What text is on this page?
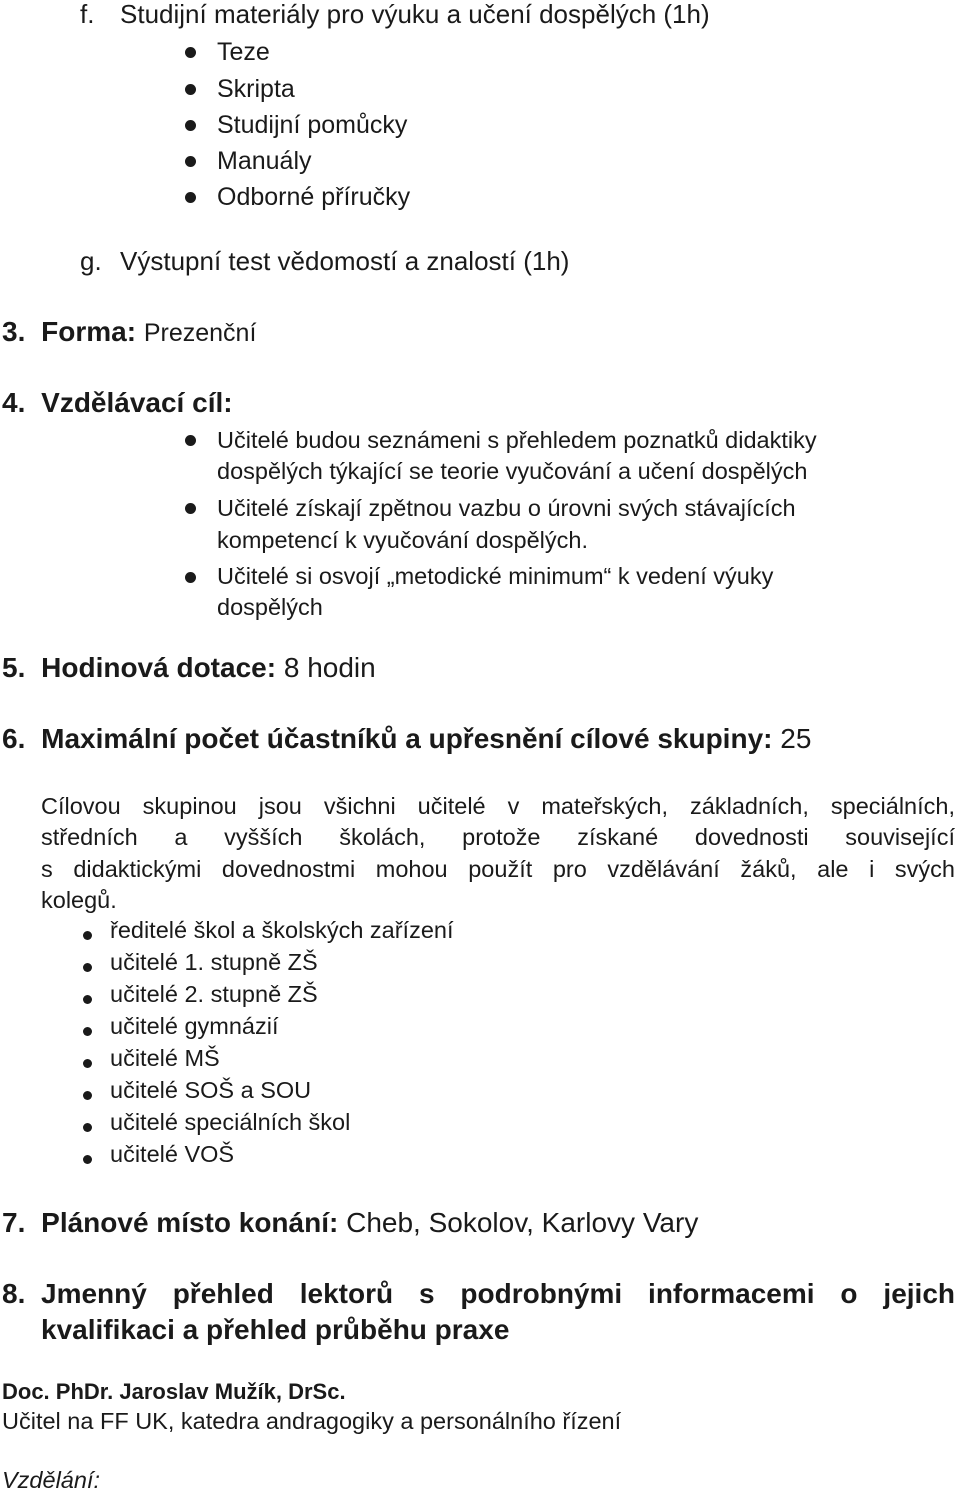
f. Studijní materiály pro výuku a učení dospělých (1h)
Teze
Skripta
Studijní pomůcky
Manuály
Odborné příručky
g. Výstupní test vědomostí a znalostí (1h)
3. Forma: Prezenční
4. Vzdělávací cíl:
Učitelé budou seznámeni s přehledem poznatků didaktiky
dospělých týkající se teorie vyučování a učení dospělých
Učitelé získají zpětnou vazbu o úrovni svých stávajících
kompetencí k vyučování dospělých.
Učitelé si osvojí „metodické minimum“ k vedení výuky
dospělých
5. Hodinová dotace: 8 hodin
6. Maximální počet účastníků a upřesnění cílové skupiny: 25
Cílovou skupinou jsou všichni učitelé v mateřských, základních, speciálních,
středních a vyšších školách, protože získané dovednosti související
s didaktickými dovednostmi mohou použít pro vzdělávání žáků, ale i svých
kolegů.
ředitelé škol a školských zařízení
učitelé 1. stupně ZŠ
učitelé 2. stupně ZŠ
učitelé gymnázií
učitelé MŠ
učitelé SOŠ a SOU
učitelé speciálních škol
učitelé VOŠ
7. Plánové místo konání: Cheb, Sokolov, Karlovy Vary
8. Jmenný přehled lektorů s podrobnými informacemi o jejich
kvalifikaci a přehled průběhu praxe
Doc. PhDr. Jaroslav Mužík, DrSc.
Učitel na FF UK, katedra andragogiky a personálního řízení
Vzdělání:
